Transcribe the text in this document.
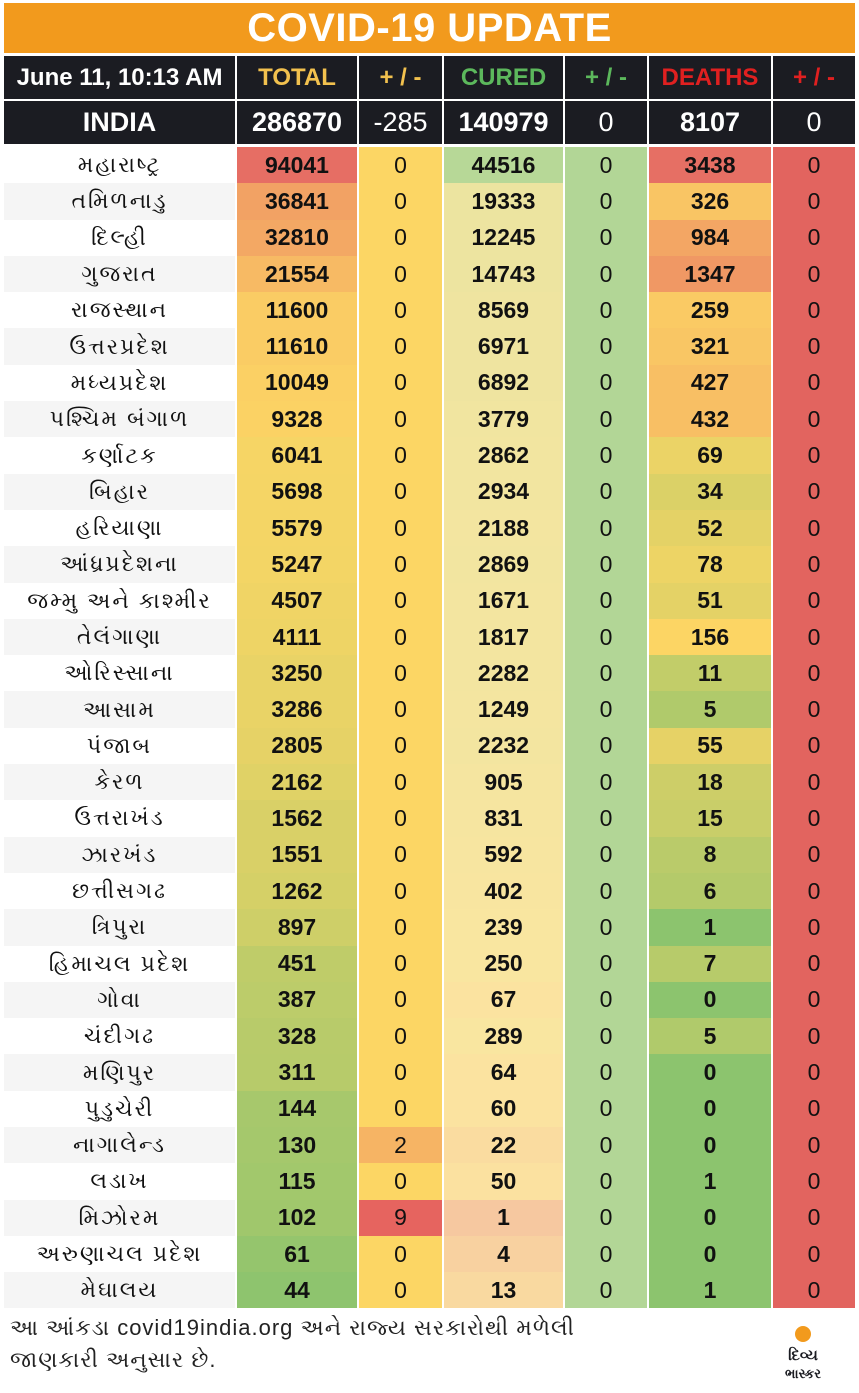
COVID-19 UPDATE
June 11, 10:13 AM	TOTAL	+ / -	CURED	+ / -	DEATHS	+ / -
INDIA	286870	-285	140979	0	8107	0
મહારાષ્ટ્ર	94041	0	44516	0	3438	0
તમિળનાડુ	36841	0	19333	0	326	0
દિલ્હી	32810	0	12245	0	984	0
ગુજરાત	21554	0	14743	0	1347	0
રાજસ્થાન	11600	0	8569	0	259	0
ઉત્તરપ્રદેશ	11610	0	6971	0	321	0
મધ્યપ્રદેશ	10049	0	6892	0	427	0
પશ્ચિમ બંગાળ	9328	0	3779	0	432	0
કર્ણાટક	6041	0	2862	0	69	0
બિહાર	5698	0	2934	0	34	0
હરિયાણા	5579	0	2188	0	52	0
આંધ્રપ્રદેશના	5247	0	2869	0	78	0
જમ્મુ અને કાશ્મીર	4507	0	1671	0	51	0
તેલંગાણા	4111	0	1817	0	156	0
ઓરિસ્સાના	3250	0	2282	0	11	0
આસામ	3286	0	1249	0	5	0
પંજાબ	2805	0	2232	0	55	0
કેરળ	2162	0	905	0	18	0
ઉત્તરાખંડ	1562	0	831	0	15	0
ઝારખંડ	1551	0	592	0	8	0
છત્તીસગઢ	1262	0	402	0	6	0
ત્રિપુરા	897	0	239	0	1	0
હિમાચલ પ્રદેશ	451	0	250	0	7	0
ગોવા	387	0	67	0	0	0
ચંદીગઢ	328	0	289	0	5	0
મણિપુર	311	0	64	0	0	0
પુડુચેરી	144	0	60	0	0	0
નાગાલેન્ડ	130	2	22	0	0	0
લડાખ	115	0	50	0	1	0
મિઝોરમ	102	9	1	0	0	0
અરુણાચલ પ્રદેશ	61	0	4	0	0	0
મેઘાલય	44	0	13	0	1	0
આ આંકડા covid19india.org અને રાજ્ય સરકારોથી મળેલી જાણકારી અનુસાર છે.	દિવ્ય
ભાસ્કર
